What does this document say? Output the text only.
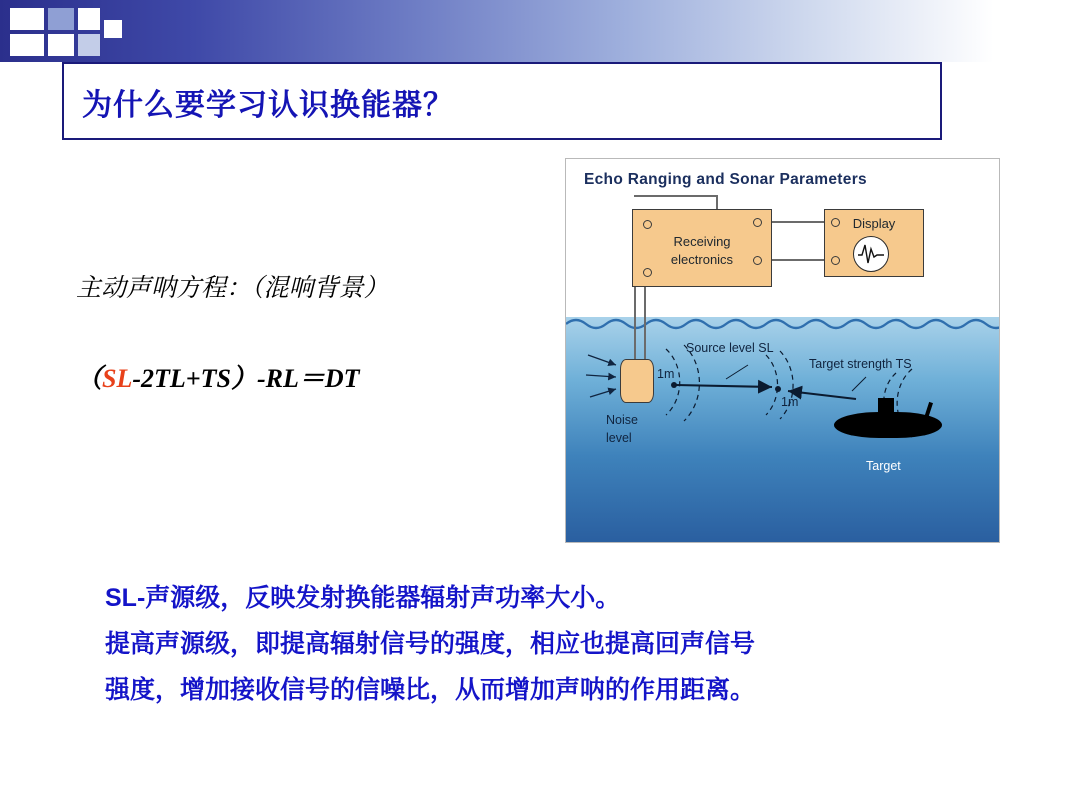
为什么要学习认识换能器？
主动声呐方程：（混响背景）
（SL-2TL+TS）-RL＝DT
Echo Ranging and Sonar Parameters
Receiving
electronics
Display
Source level SL
Target strength TS
1m
1m
Noise
level
Target
SL-声源级，反映发射换能器辐射声功率大小。
提高声源级，即提高辐射信号的强度，相应也提高回声信号
强度，增加接收信号的信噪比，从而增加声呐的作用距离。
